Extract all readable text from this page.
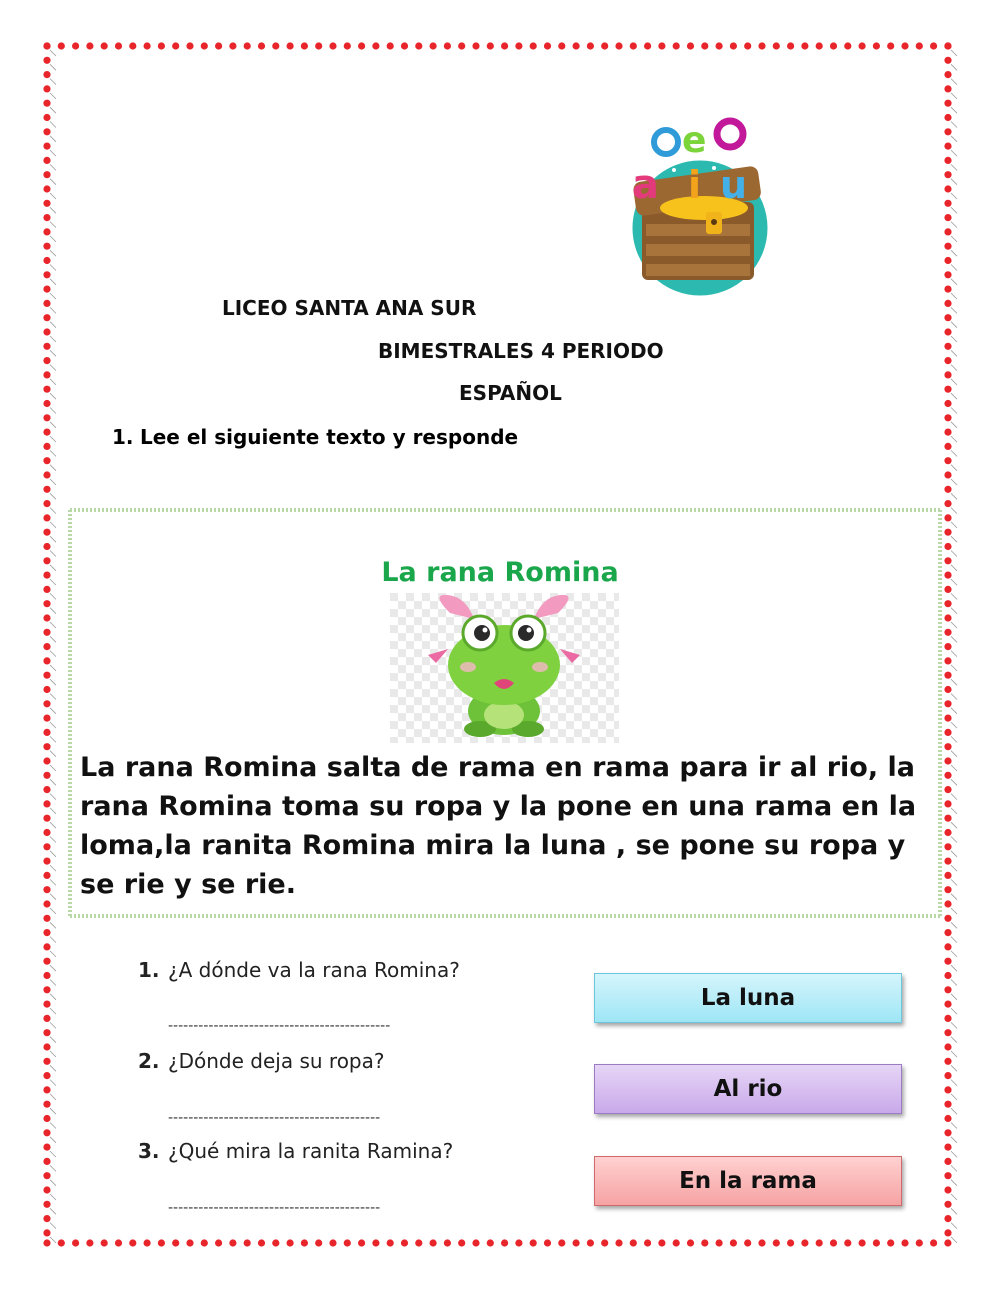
e
a i u
LICEO SANTA ANA SUR
BIMESTRALES 4 PERIODO
ESPAÑOL
1. Lee el siguiente texto y responde
La rana Romina
La rana Romina salta de rama en rama para ir al rio, la rana Romina toma su ropa y la pone en una rama en la loma,la ranita Romina mira la luna , se pone su ropa y se rie y se rie.
1. ¿A dónde va la rana Romina?
--------------------------------------------
2. ¿Dónde deja su ropa?
------------------------------------------
3. ¿Qué mira la ranita Ramina?
------------------------------------------
La luna
Al rio
En la rama
